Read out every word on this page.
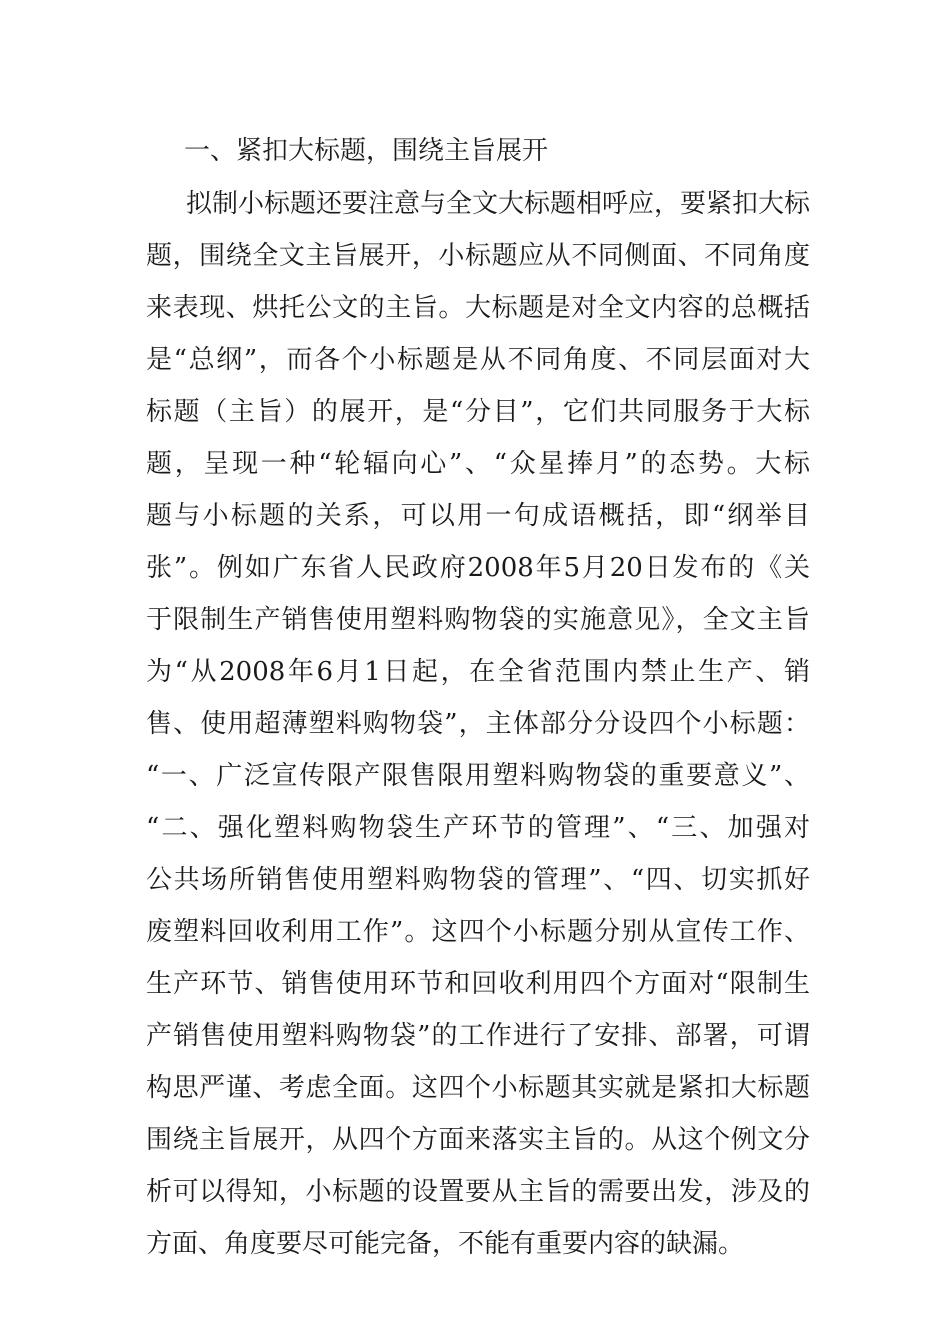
一、紧扣大标题，围绕主旨展开

拟制小标题还要注意与全文大标题相呼应，要紧扣大标

题，围绕全文主旨展开，小标题应从不同侧面、不同角度

来表现、烘托公文的主旨。大标题是对全文内容的总概括

是“总纲”，而各个小标题是从不同角度、不同层面对大

标题（主旨）的展开，是“分目”，它们共同服务于大标

题，呈现一种“轮辐向心”、“众星捧月”的态势。大标

题与小标题的关系，可以用一句成语概括，即“纲举目

张”。例如广东省人民政府2008年5月20日发布的《关

于限制生产销售使用塑料购物袋的实施意见》，全文主旨

为“从2008年6月1日起，在全省范围内禁止生产、销

售、使用超薄塑料购物袋”，主体部分分设四个小标题：

“一、广泛宣传限产限售限用塑料购物袋的重要意义”、

“二、强化塑料购物袋生产环节的管理”、“三、加强对

公共场所销售使用塑料购物袋的管理”、“四、切实抓好

废塑料回收利用工作”。这四个小标题分别从宣传工作、

生产环节、销售使用环节和回收利用四个方面对“限制生

产销售使用塑料购物袋”的工作进行了安排、部署，可谓

构思严谨、考虑全面。这四个小标题其实就是紧扣大标题

围绕主旨展开，从四个方面来落实主旨的。从这个例文分

析可以得知，小标题的设置要从主旨的需要出发，涉及的

方面、角度要尽可能完备，不能有重要内容的缺漏。
